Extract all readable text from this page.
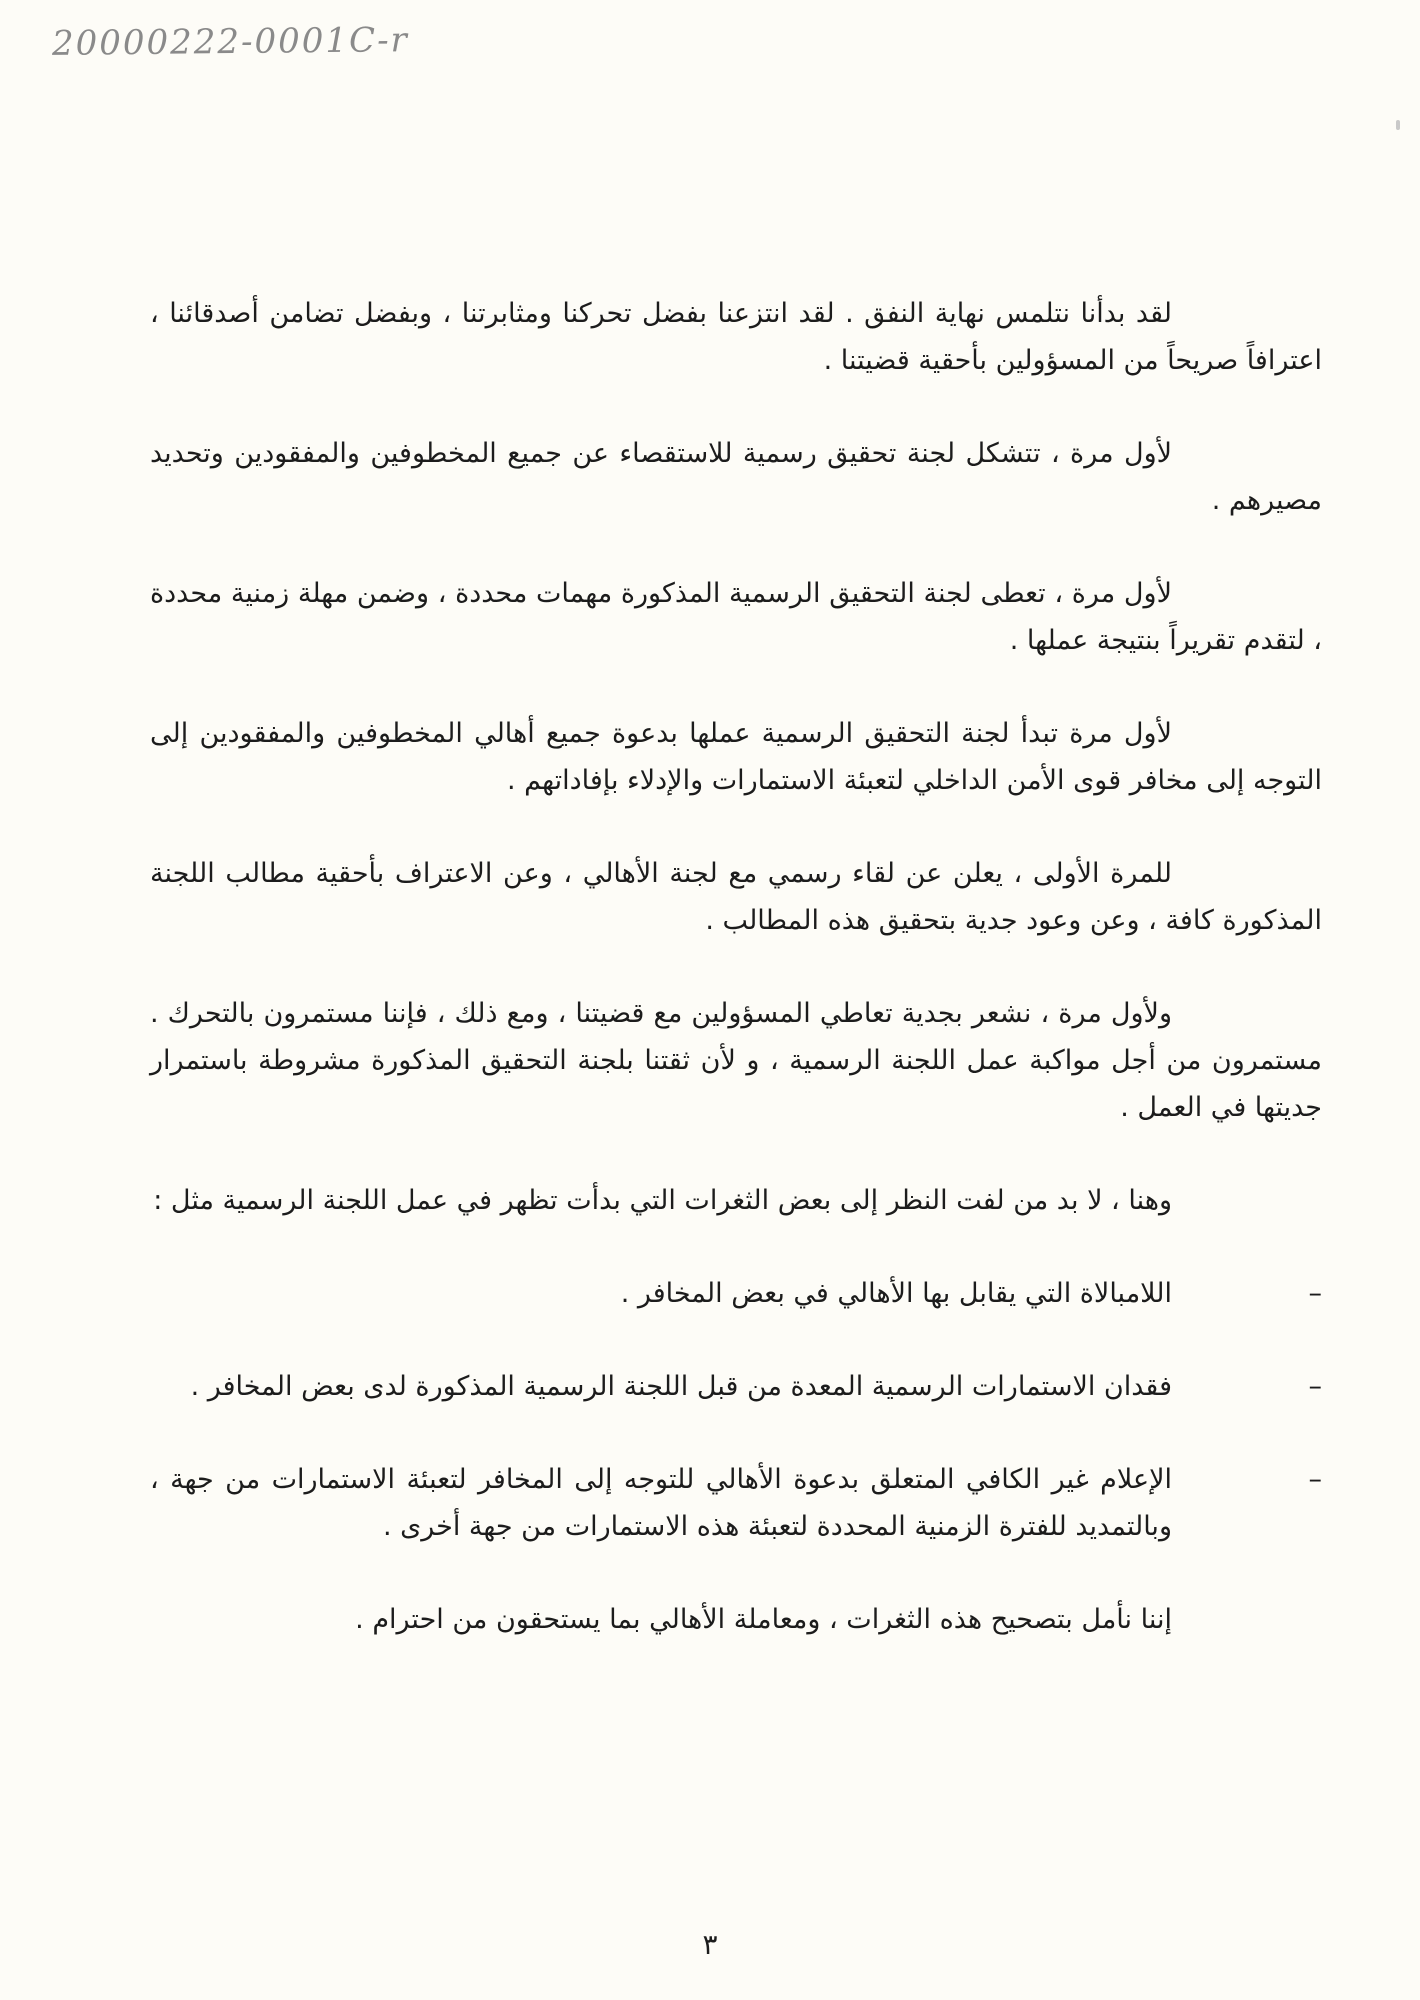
20000222-0001C-r

لقد بدأنا نتلمس نهاية النفق . لقد انتزعنا بفضل تحركنا ومثابرتنا ، وبفضل تضامن أصدقائنا ، اعترافاً صريحاً من المسؤولين بأحقية قضيتنا .

لأول مرة ، تتشكل لجنة تحقيق رسمية للاستقصاء عن جميع المخطوفين والمفقودين وتحديد مصيرهم .

لأول مرة ، تعطى لجنة التحقيق الرسمية المذكورة مهمات محددة ، وضمن مهلة زمنية محددة ، لتقدم تقريراً بنتيجة عملها .

لأول مرة تبدأ لجنة التحقيق الرسمية عملها بدعوة جميع أهالي المخطوفين والمفقودين إلى التوجه إلى مخافر قوى الأمن الداخلي لتعبئة الاستمارات والإدلاء بإفاداتهم .

للمرة الأولى ، يعلن عن لقاء رسمي مع لجنة الأهالي ، وعن الاعتراف بأحقية مطالب اللجنة المذكورة كافة ، وعن وعود جدية بتحقيق هذه المطالب .

ولأول مرة ، نشعر بجدية تعاطي المسؤولين مع قضيتنا ، ومع ذلك ، فإننا مستمرون بالتحرك . مستمرون من أجل مواكبة عمل اللجنة الرسمية ، و لأن ثقتنا بلجنة التحقيق المذكورة مشروطة باستمرار جديتها في العمل .

وهنا ، لا بد من لفت النظر إلى بعض الثغرات التي بدأت تظهر في عمل اللجنة الرسمية مثل :

–
اللامبالاة التي يقابل بها الأهالي في بعض المخافر .
–
فقدان الاستمارات الرسمية المعدة من قبل اللجنة الرسمية المذكورة لدى بعض المخافر .
–
الإعلام غير الكافي المتعلق بدعوة الأهالي للتوجه إلى المخافر لتعبئة الاستمارات من جهة ، وبالتمديد للفترة الزمنية المحددة لتعبئة هذه الاستمارات من جهة أخرى .

إننا نأمل بتصحيح هذه الثغرات ، ومعاملة الأهالي بما يستحقون من احترام .

٣
